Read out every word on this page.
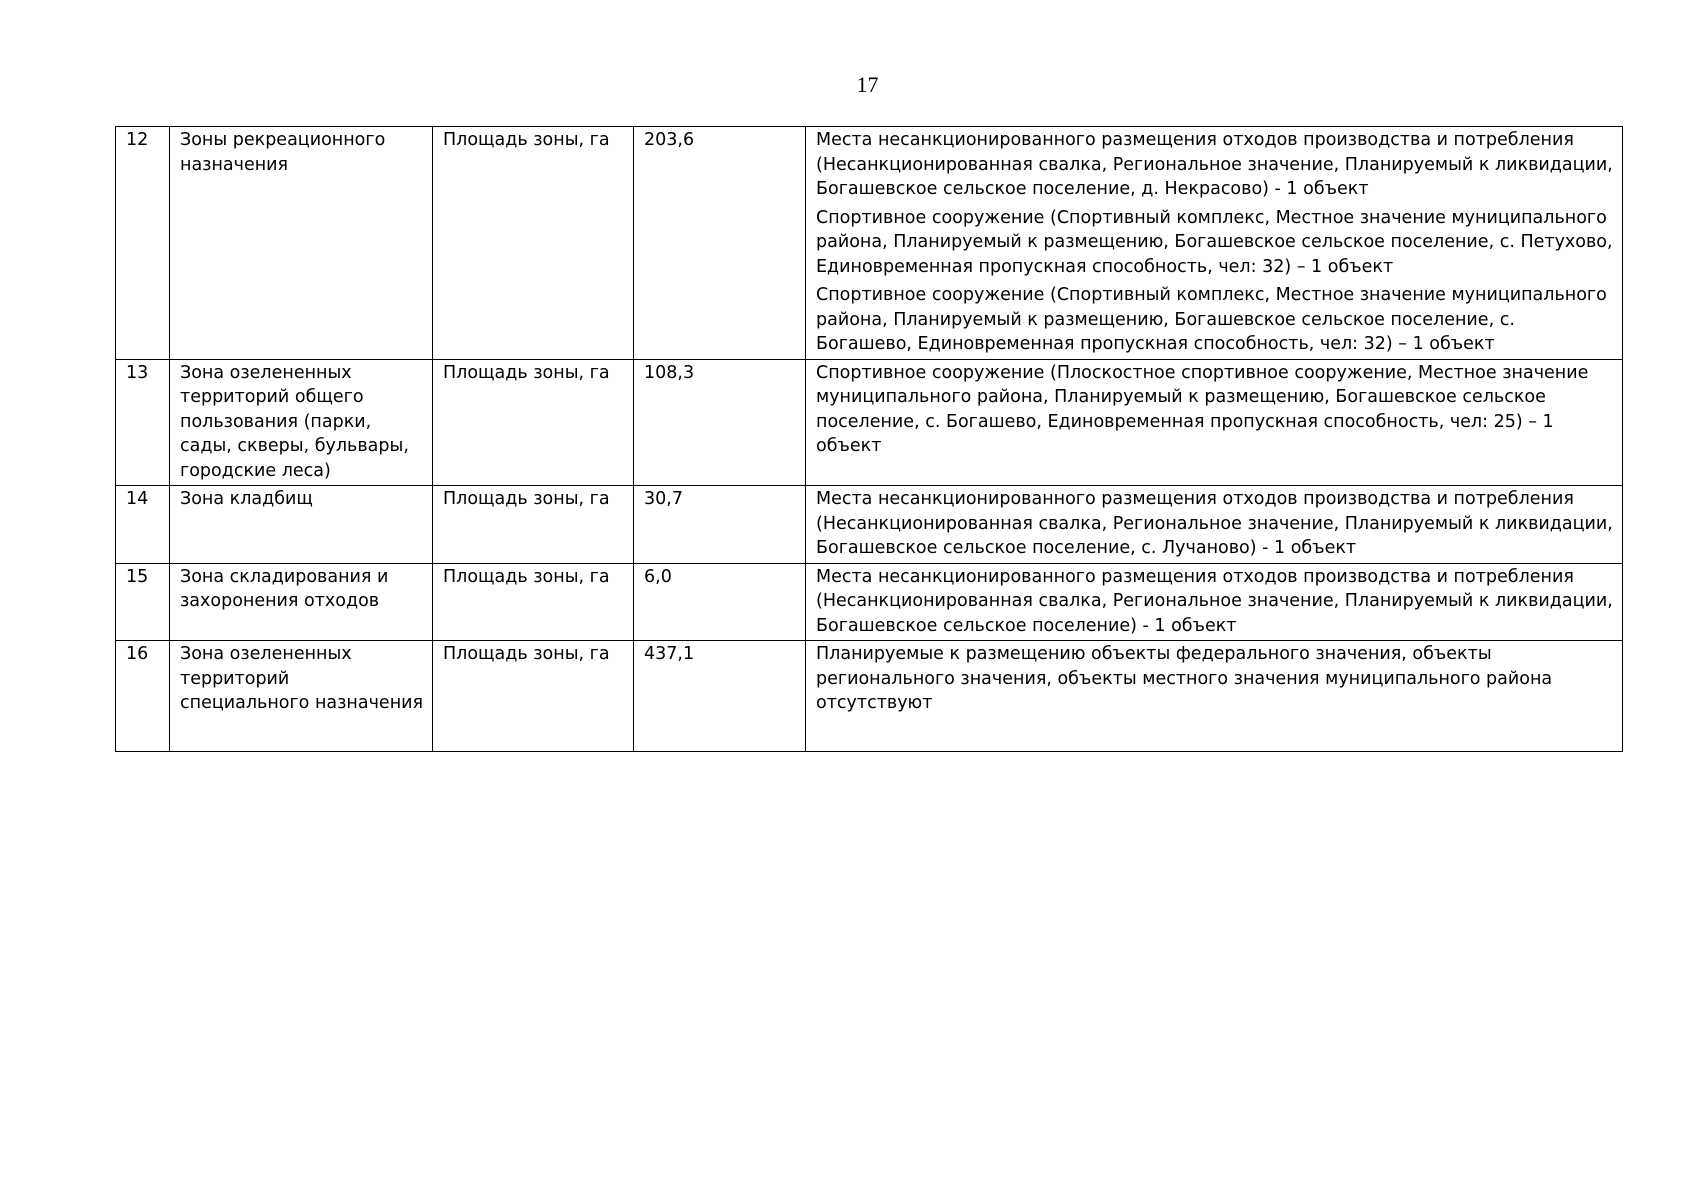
17
12	Зоны рекреационного назначения	Площадь зоны, га	203,6	Места несанкционированного размещения отходов производства и потребления (Несанкционированная свалка, Региональное значение, Планируемый к ликвидации, Богашевское сельское поселение, д. Некрасово) - 1 объект

Спортивное сооружение (Спортивный комплекс, Местное значение муниципального района, Планируемый к размещению, Богашевское сельское поселение, с. Петухово, Единовременная пропускная способность, чел: 32) – 1 объект

Спортивное сооружение (Спортивный комплекс, Местное значение муниципального района, Планируемый к размещению, Богашевское сельское поселение, с. Богашево, Единовременная пропускная способность, чел: 32) – 1 объект

13	Зона озелененных территорий общего пользования (парки, сады, скверы, бульвары, городские леса)	Площадь зоны, га	108,3	Спортивное сооружение (Плоскостное спортивное сооружение, Местное значение муниципального района, Планируемый к размещению, Богашевское сельское поселение, с. Богашево, Единовременная пропускная способность, чел: 25) – 1 объект

14	Зона кладбищ	Площадь зоны, га	30,7	Места несанкционированного размещения отходов производства и потребления (Несанкционированная свалка, Региональное значение, Планируемый к ликвидации, Богашевское сельское поселение, с. Лучаново) - 1 объект

15	Зона складирования и захоронения отходов	Площадь зоны, га	6,0	Места несанкционированного размещения отходов производства и потребления (Несанкционированная свалка, Региональное значение, Планируемый к ликвидации, Богашевское сельское поселение) - 1 объект

16	Зона озелененных территорий специального назначения	Площадь зоны, га	437,1	Планируемые к размещению объекты федерального значения, объекты регионального значения, объекты местного значения муниципального района отсутствуют
